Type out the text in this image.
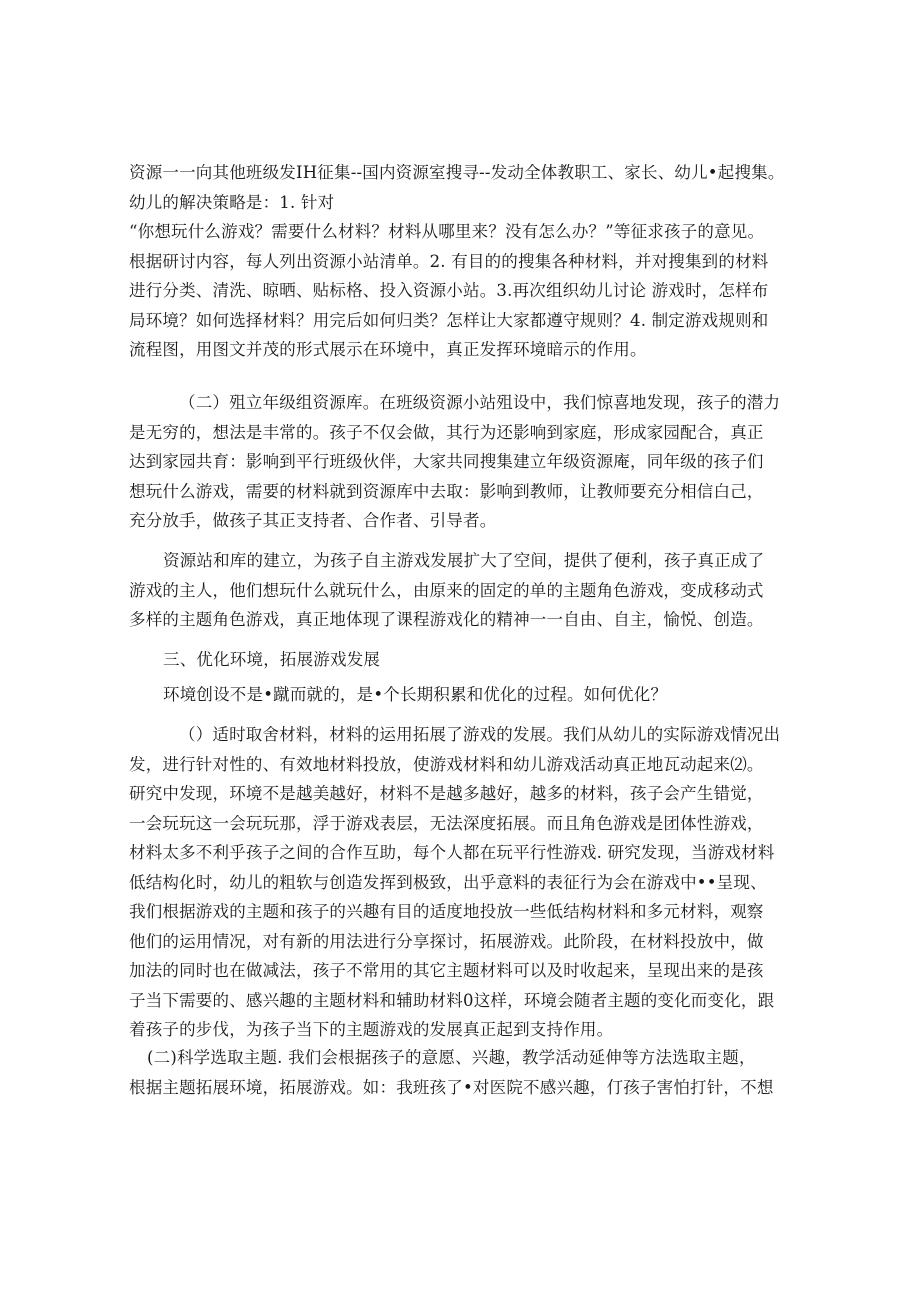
资源一一向其他班级发IH征集--国内资源室搜寻--发动全体教职工、家长、幼儿•起搜集。
幼儿的解决策略是：1. 针对
“你想玩什么游戏？需要什么材料？材料从哪里来？没有怎么办？”等征求孩子的意见。
根据研讨内容，每人列出资源小站清单。2. 有目的的搜集各种材料，并对搜集到的材料
进行分类、清洗、晾晒、贴标格、投入资源小站。3.再次组织幼儿讨论 游戏时，怎样布
局环境？如何选择材料？用完后如何归类？怎样让大家都遵守规则？4. 制定游戏规则和
流程图，用图文并茂的形式展示在环境中，真正发挥环境暗示的作用。
（二）殂立年级组资源库。在班级资源小站殂设中，我们惊喜地发现，孩子的潜力
是无穷的，想法是丰常的。孩子不仅会做，其行为还影响到家庭，形成家园配合，真正
达到家园共育：影响到平行班级伙伴，大家共同搜集建立年级资源庵，同年级的孩子们
想玩什么游戏，需要的材料就到资源库中去取：影响到教师，让教师要充分相信白己，
充分放手，做孩子其正支持者、合作者、引导者。
资源站和库的建立，为孩子自主游戏发展扩大了空间，提供了便利，孩子真正成了
游戏的主人，他们想玩什么就玩什么，由原来的固定的单的主题角色游戏，变成移动式
多样的主题角色游戏，真正地体现了课程游戏化的精神一一自由、自主，愉悦、创造。
三、优化环境，拓展游戏发展
环境创设不是•蹴而就的，是•个长期积累和优化的过程。如何优化？
（）适时取舍材料，材料的运用拓展了游戏的发展。我们从幼儿的实际游戏情况出
发，进行针对性的、有效地材料投放，使游戏材料和幼儿游戏活动真正地瓦动起来⑵。
研究中发现，环境不是越美越好，材料不是越多越好，越多的材料，孩子会产生错觉，
一会玩玩这一会玩玩那，浮于游戏表层，无法深度拓展。而且角色游戏是团体性游戏，
材料太多不利乎孩子之间的合作互助，每个人都在玩平行性游戏. 研究发现，当游戏材料
低结构化时，幼儿的粗软与创造发挥到极致，出乎意料的表征行为会在游戏中••呈现、
我们根据游戏的主题和孩子的兴趣有目的适度地投放一些低结构材料和多元材料，观察
他们的运用情况，对有新的用法进行分享探讨，拓展游戏。此阶段，在材料投放中，做
加法的同时也在做减法，孩子不常用的其它主题材料可以及时收起来，呈现出来的是孩
子当下需要的、感兴趣的主题材料和辅助材料0这样，环境会随者主题的变化而变化，跟
着孩子的步伐，为孩子当下的主题游戏的发展真正起到支持作用。
(二)科学选取主题. 我们会根据孩子的意愿、兴趣，教学活动延伸等方法选取主题，
根据主题拓展环境，拓展游戏。如：我班孩了•对医院不感兴趣，仃孩子害怕打针，不想
